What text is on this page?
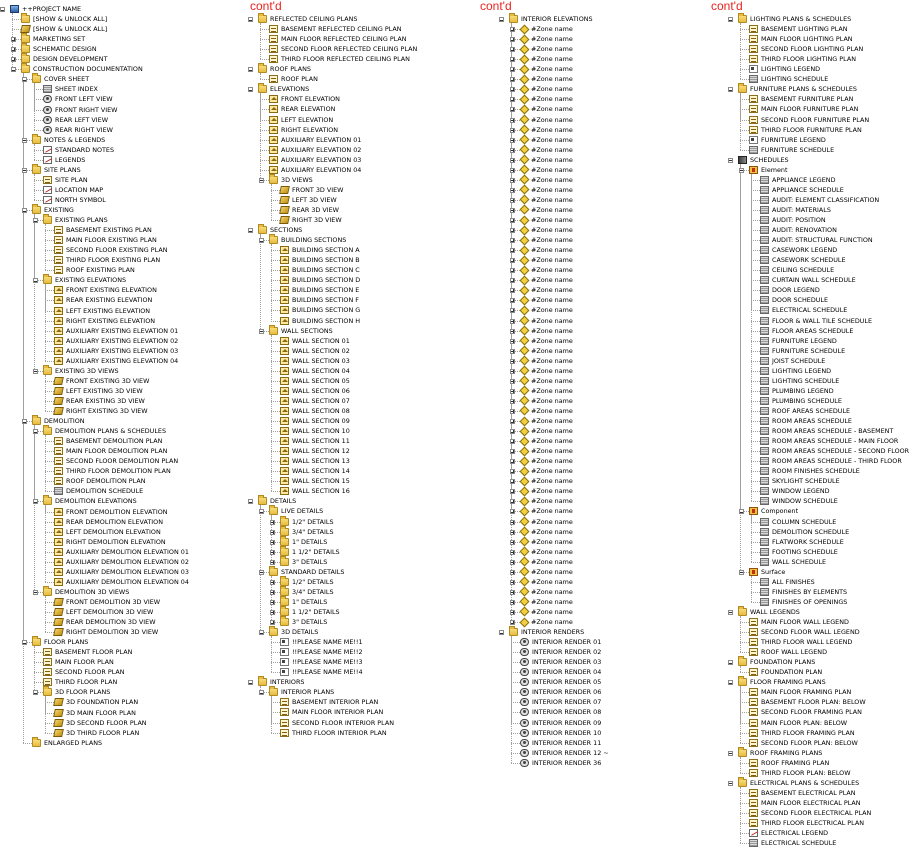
++PROJECT NAME
[SHOW & UNLOCK ALL]
[SHOW & UNLOCK ALL]
MARKETING SET
SCHEMATIC DESIGN
DESIGN DEVELOPMENT
CONSTRUCTION DOCUMENTATION
COVER SHEET
SHEET INDEX
FRONT LEFT VIEW
FRONT RIGHT VIEW
REAR LEFT VIEW
REAR RIGHT VIEW
NOTES & LEGENDS
STANDARD NOTES
LEGENDS
SITE PLANS
SITE PLAN
LOCATION MAP
NORTH SYMBOL
EXISTING
EXISTING PLANS
BASEMENT EXISTING PLAN
MAIN FLOOR EXISTING PLAN
SECOND FLOOR EXISTING PLAN
THIRD FLOOR EXISTING PLAN
ROOF EXISTING PLAN
EXISTING ELEVATIONS
FRONT EXISTING ELEVATION
REAR EXISTING ELEVATION
LEFT EXISTING ELEVATION
RIGHT EXISTING ELEVATION
AUXILIARY EXISTING ELEVATION 01
AUXILIARY EXISTING ELEVATION 02
AUXILIARY EXISTING ELEVATION 03
AUXILIARY EXISTING ELEVATION 04
EXISTING 3D VIEWS
FRONT EXISTING 3D VIEW
LEFT EXISTING 3D VIEW
REAR EXISTING 3D VIEW
RIGHT EXISTING 3D VIEW
DEMOLITION
DEMOLITION PLANS & SCHEDULES
BASEMENT DEMOLITION PLAN
MAIN FLOOR DEMOLITION PLAN
SECOND FLOOR DEMOLITION PLAN
THIRD FLOOR DEMOLITION PLAN
ROOF DEMOLITION PLAN
DEMOLITION SCHEDULE
DEMOLITION ELEVATIONS
FRONT DEMOLITION ELEVATION
REAR DEMOLITION ELEVATION
LEFT DEMOLITION ELEVATION
RIGHT DEMOLITION ELEVATION
AUXILIARY DEMOLITION ELEVATION 01
AUXILIARY DEMOLITION ELEVATION 02
AUXILIARY DEMOLITION ELEVATION 03
AUXILIARY DEMOLITION ELEVATION 04
DEMOLITION 3D VIEWS
FRONT DEMOLITION 3D VIEW
LEFT DEMOLITION 3D VIEW
REAR DEMOLITION 3D VIEW
RIGHT DEMOLITION 3D VIEW
FLOOR PLANS
BASEMENT FLOOR PLAN
MAIN FLOOR PLAN
SECOND FLOOR PLAN
THIRD FLOOR PLAN
3D FLOOR PLANS
3D FOUNDATION PLAN
3D MAIN FLOOR PLAN
3D SECOND FLOOR PLAN
3D THIRD FLOOR PLAN
ENLARGED PLANS
REFLECTED CEILING PLANS
BASEMENT REFLECTED CEILING PLAN
MAIN FLOOR REFLECTED CEILING PLAN
SECOND FLOOR REFLECTED CEILING PLAN
THIRD FLOOR REFLECTED CEILING PLAN
ROOF PLANS
ROOF PLAN
ELEVATIONS
FRONT ELEVATION
REAR ELEVATION
LEFT ELEVATION
RIGHT ELEVATION
AUXILIARY ELEVATION 01
AUXILIARY ELEVATION 02
AUXILIARY ELEVATION 03
AUXILIARY ELEVATION 04
3D VIEWS
FRONT 3D VIEW
LEFT 3D VIEW
REAR 3D VIEW
RIGHT 3D VIEW
SECTIONS
BUILDING SECTIONS
BUILDING SECTION A
BUILDING SECTION B
BUILDING SECTION C
BUILDING SECTION D
BUILDING SECTION E
BUILDING SECTION F
BUILDING SECTION G
BUILDING SECTION H
WALL SECTIONS
WALL SECTION 01
WALL SECTION 02
WALL SECTION 03
WALL SECTION 04
WALL SECTION 05
WALL SECTION 06
WALL SECTION 07
WALL SECTION 08
WALL SECTION 09
WALL SECTION 10
WALL SECTION 11
WALL SECTION 12
WALL SECTION 13
WALL SECTION 14
WALL SECTION 15
WALL SECTION 16
DETAILS
LIVE DETAILS
1/2" DETAILS
3/4" DETAILS
1" DETAILS
1 1/2" DETAILS
3" DETAILS
STANDARD DETAILS
1/2" DETAILS
3/4" DETAILS
1" DETAILS
1 1/2" DETAILS
3" DETAILS
3D DETAILS
!!PLEASE NAME ME!!1
!!PLEASE NAME ME!!2
!!PLEASE NAME ME!!3
!!PLEASE NAME ME!!4
INTERIORS
INTERIOR PLANS
BASEMENT INTERIOR PLAN
MAIN FLOOR INTERIOR PLAN
SECOND FLOOR INTERIOR PLAN
THIRD FLOOR INTERIOR PLAN
cont'd
INTERIOR ELEVATIONS
#Zone name
#Zone name
#Zone name
#Zone name
#Zone name
#Zone name
#Zone name
#Zone name
#Zone name
#Zone name
#Zone name
#Zone name
#Zone name
#Zone name
#Zone name
#Zone name
#Zone name
#Zone name
#Zone name
#Zone name
#Zone name
#Zone name
#Zone name
#Zone name
#Zone name
#Zone name
#Zone name
#Zone name
#Zone name
#Zone name
#Zone name
#Zone name
#Zone name
#Zone name
#Zone name
#Zone name
#Zone name
#Zone name
#Zone name
#Zone name
#Zone name
#Zone name
#Zone name
#Zone name
#Zone name
#Zone name
#Zone name
#Zone name
#Zone name
#Zone name
#Zone name
#Zone name
#Zone name
#Zone name
#Zone name
#Zone name
#Zone name
#Zone name
#Zone name
#Zone name
INTERIOR RENDERS
INTERIOR RENDER 01
INTERIOR RENDER 02
INTERIOR RENDER 03
INTERIOR RENDER 04
INTERIOR RENDER 05
INTERIOR RENDER 06
INTERIOR RENDER 07
INTERIOR RENDER 08
INTERIOR RENDER 09
INTERIOR RENDER 10
INTERIOR RENDER 11
INTERIOR RENDER 12 ~
INTERIOR RENDER 36
cont'd
LIGHTING PLANS & SCHEDULES
BASEMENT LIGHTING PLAN
MAIN FLOOR LIGHTING PLAN
SECOND FLOOR LIGHTING PLAN
THIRD FLOOR LIGHTING PLAN
LIGHTING LEGEND
LIGHTING SCHEDULE
FURNITURE PLANS & SCHEDULES
BASEMENT FURNITURE PLAN
MAIN FLOOR FURNITURE PLAN
SECOND FLOOR FURNITURE PLAN
THIRD FLOOR FURNITURE PLAN
FURNITURE LEGEND
FURNITURE SCHEDULE
SCHEDULES
Element
APPLIANCE LEGEND
APPLIANCE SCHEDULE
AUDIT: ELEMENT CLASSIFICATION
AUDIT: MATERIALS
AUDIT: POSITION
AUDIT: RENOVATION
AUDIT: STRUCTURAL FUNCTION
CASEWORK LEGEND
CASEWORK SCHEDULE
CEILING SCHEDULE
CURTAIN WALL SCHEDULE
DOOR LEGEND
DOOR SCHEDULE
ELECTRICAL SCHEDULE
FLOOR & WALL TILE SCHEDULE
FLOOR AREAS SCHEDULE
FURNITURE LEGEND
FURNITURE SCHEDULE
JOIST SCHEDULE
LIGHTING LEGEND
LIGHTING SCHEDULE
PLUMBING LEGEND
PLUMBING SCHEDULE
ROOF AREAS SCHEDULE
ROOM AREAS SCHEDULE
ROOM AREAS SCHEDULE - BASEMENT
ROOM AREAS SCHEDULE - MAIN FLOOR
ROOM AREAS SCHEDULE - SECOND FLOOR
ROOM AREAS SCHEDULE - THIRD FLOOR
ROOM FINISHES SCHEDULE
SKYLIGHT SCHEDULE
WINDOW LEGEND
WINDOW SCHEDULE
Component
COLUMN SCHEDULE
DEMOLITION SCHEDULE
FLATWORK SCHEDULE
FOOTING SCHEDULE
WALL SCHEDULE
Surface
ALL FINISHES
FINISHES BY ELEMENTS
FINISHES OF OPENINGS
WALL LEGENDS
MAIN FLOOR WALL LEGEND
SECOND FLOOR WALL LEGEND
THIRD FLOOR WALL LEGEND
ROOF WALL LEGEND
FOUNDATION PLANS
FOUNDATION PLAN
FLOOR FRAMING PLANS
MAIN FLOOR FRAMING PLAN
BASEMENT FLOOR PLAN: BELOW
SECOND FLOOR FRAMING PLAN
MAIN FLOOR PLAN: BELOW
THIRD FLOOR FRAMING PLAN
SECOND FLOOR PLAN: BELOW
ROOF FRAMING PLANS
ROOF FRAMING PLAN
THIRD FLOOR PLAN: BELOW
ELECTRICAL PLANS & SCHEDULES
BASEMENT ELECTRICAL PLAN
MAIN FLOOR ELECTRICAL PLAN
SECOND FLOOR ELECTRICAL PLAN
THIRD FLOOR ELECTRICAL PLAN
ELECTRICAL LEGEND
ELECTRICAL SCHEDULE
cont'd
